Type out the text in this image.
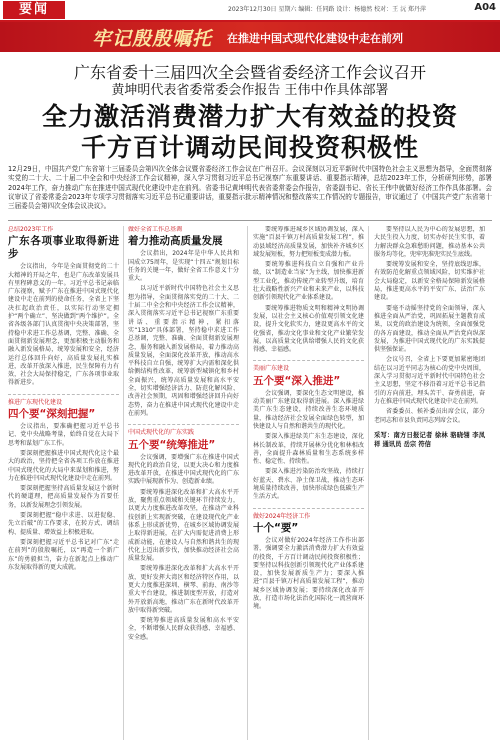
要闻	2023年12月30日 星期六 编辑：任同路 设计：杨德然 校对：王 沅 郑丹萍	A04
牢记殷殷嘱托 在推进中国式现代化建设中走在前列
广东省委十三届四次全会暨省委经济工作会议召开
黄坤明代表省委常委会作报告 王伟中作具体部署
全力激活消费潜力扩大有效益的投资
千方百计调动民间投资积极性
12月29日，中国共产党广东省第十三届委员会第四次全体会议暨省委经济工作会议在广州召开。会议深刻以习近平新时代中国特色社会主义思想为指导，全面贯彻落实党的二十大、二十届二中全会和中央经济工作会议精神，深入学习贯彻习近平总书记视察广东重要讲话、重要指示精神，总结2023年工作，分析研判形势，部署2024年工作，奋力推动广东在推进中国式现代化建设中走在前列。省委书记黄坤明代表省委常委会作报告，省委副书记、省长王伟中就做好经济工作作具体部署。会议审议了省委常委会2023年专项学习贯彻落实习近平总书记重要讲话，重要指示批示精神情况和整改落实工作情况的专题报告，审议通过了《中国共产党广东省第十三届委员会第四次全体会议决议》。
总结2023年工作
广东各项事业取得新进步
会议指出，今年是全面贯彻党的二十大精神的开局之年，也是广东改革发展具有里程碑意义的一年。习近平总书记亲临广东视察，赋予广东在推进中国式现代化建设中走在前列的使命任务，全省上下坚决扛起政治责任，以实际行动坚定拥护“两个确立”、坚决做到“两个维护”。全省各级各部门认真贯彻中央决策部署，坚持稳中求进工作总基调，完整、准确、全面贯彻新发展理念，更加积极主动服务和融入新发展格局，统筹发展和安全，经济运行总体回升向好，高质量发展扎实推进，改革开放深入推进，民生保障有力有效，社会大局保持稳定，广东各项事业取得新进步。
推进广东现代化建设
四个要“深刻把握”
会议指出，要准确把握习近平总书记、党中央战略考量，始终自觉在大局下思考和谋划广东工作。
要深刻把握推进中国式现代化这个最大的政治，坚持把全省各项工作放在推进中国式现代化的大局中来谋划和推进，努力在推进中国式现代化建设中走在前列。
要深刻把握坚持高质量发展这个新时代的硬道理，把高质量发展作为首要任务，以新发展理念引领发展。
要深刻把握“稳中求进、以进促稳、先立后破”的工作要求，在转方式、调结构、提质量、增效益上积极进取。
要深刻把握习近平总书记对广东“走在前列”的殷殷嘱托，以“再造一个新广东”的勇毅担当，奋力在新起点上推动广东发展取得新的更大成就。
做好全省工作总基调
着力推动高质量发展
会议指出，2024年是中华人民共和国成立75周年，是实现“十四五”规划目标任务的关键一年，做好全省工作意义十分重大。
以习近平新时代中国特色社会主义思想为指导，全面贯彻落实党的二十大、二十届二中全会和中央经济工作会议精神，深入贯彻落实习近平总书记视察广东重要讲话、重要指示精神，紧扣落实“1310”具体部署，坚持稳中求进工作总基调，完整、准确、全面贯彻新发展理念，服务和融入新发展格局，着力推动高质量发展，全面深化改革开放，推动高水平科技自立自强，统筹扩大内需和深化供给侧结构性改革，统筹新型城镇化和乡村全面振兴，统筹高质量发展和高水平安全，切实增强经济活力、防范化解风险、改善社会预期，巩固和增强经济回升向好态势，奋力在推进中国式现代化建设中走在前列。
中国式现代化的广东实践
五个要“统筹推进”
会议强调，要增强广东在推进中国式现代化的政治自觉，以更大决心和力度推进改革开放，在推进中国式现代化的广东实践中展现新作为、创造新业绩。
要统筹推进深化改革和扩大高水平开放，聚焦重点领域和关键环节持续发力，以更大力度推进改革攻坚，在推动产业科技创新上实现新突破，在建设现代化产业体系上形成新优势，在城乡区域协调发展上取得新进展，在扩大内需促进消费上形成新动能，在建设人与自然和谐共生的现代化上迈出新步伐，加快推动经济社会高质量发展。
要统筹推进深化改革和扩大高水平开放，更好发挥大湾区和经济特区作用，以更大力度推进深圳、横琴、前海、南沙等重大平台建设，推进制度型开放，打造对外开放新高地，推动广东在新时代改革开放中取得新突破。
要统筹推进高质量发展和高水平安全，不断增强人民群众获得感、幸福感、安全感。
要统筹推进城乡区域协调发展，深入实施“百县千镇万村高质量发展工程”，推动县域经济高质量发展，加快补齐城乡区域发展短板，努力把短板变成潜力板。
要统筹推进科技自立自强和产业升级，以“制造业当家”为主线，加快推进新型工业化，推动传统产业转型升级，培育壮大战略性新兴产业和未来产业，以科技创新引领现代化产业体系建设。
要统筹推进物质文明和精神文明协调发展，以社会主义核心价值观引领文化建设，提升文化软实力，建设更高水平的文化强省，推动文化事业和文化产业繁荣发展，以高质量文化供给增强人民的文化获得感、幸福感。
美丽广东建设
五个要“深入推进”
会议强调，要深化生态文明建设，推动美丽广东建设取得新进展。深入推进绿美广东生态建设，持续改善生态环境质量，推动经济社会发展全面绿色转型，加快建设人与自然和谐共生的现代化。
要深入推进绿美广东生态建设，深化林长制改革，持续开展林分优化和林相改善，全面提升森林质量和生态系统多样性、稳定性、持续性。
要深入推进污染防治攻坚战，持续打好蓝天、碧水、净土保卫战，推动生态环境质量持续改善，加快形成绿色低碳生产生活方式。
做好2024年经济工作
十个“要”
会议对做好2024年经济工作作出部署，强调要全力激活消费潜力扩大有效益的投资，千方百计调动民间投资积极性；要坚持以科技创新引领现代化产业体系建设，加快发展新质生产力；要深入推进“百县千镇万村高质量发展工程”，推动城乡区域协调发展；要持续深化改革开放，打造市场化法治化国际化一流营商环境。
要坚持以人民为中心的发展思想，加大民生投入力度，切实办好民生实事，着力解决群众急难愁盼问题，推动基本公共服务均等化，兜牢兜准兜实民生底线。
要统筹发展和安全，坚持底线思维，有效防范化解重点领域风险，切实维护社会大局稳定，以新安全格局保障新发展格局，推进更高水平的平安广东、法治广东建设。
要毫不动摇坚持党的全面领导，深入推进全面从严治党，巩固拓展主题教育成果，以党的政治建设为统领，全面加强党的各方面建设，推动全面从严治党向纵深发展，为推进中国式现代化的广东实践提供坚强保证。
会议号召，全省上下要更加紧密地团结在以习近平同志为核心的党中央周围，深入学习贯彻习近平新时代中国特色社会主义思想，坚定不移沿着习近平总书记指引的方向前进，埋头苦干、奋勇前进，奋力在推进中国式现代化建设中走在前列。
省委委员、候补委员出席会议，部分老同志和市县负责同志列席会议。
采写：南方日报记者 徐林 骆晓翎 李凤祥 通讯员 岳宗 符信
